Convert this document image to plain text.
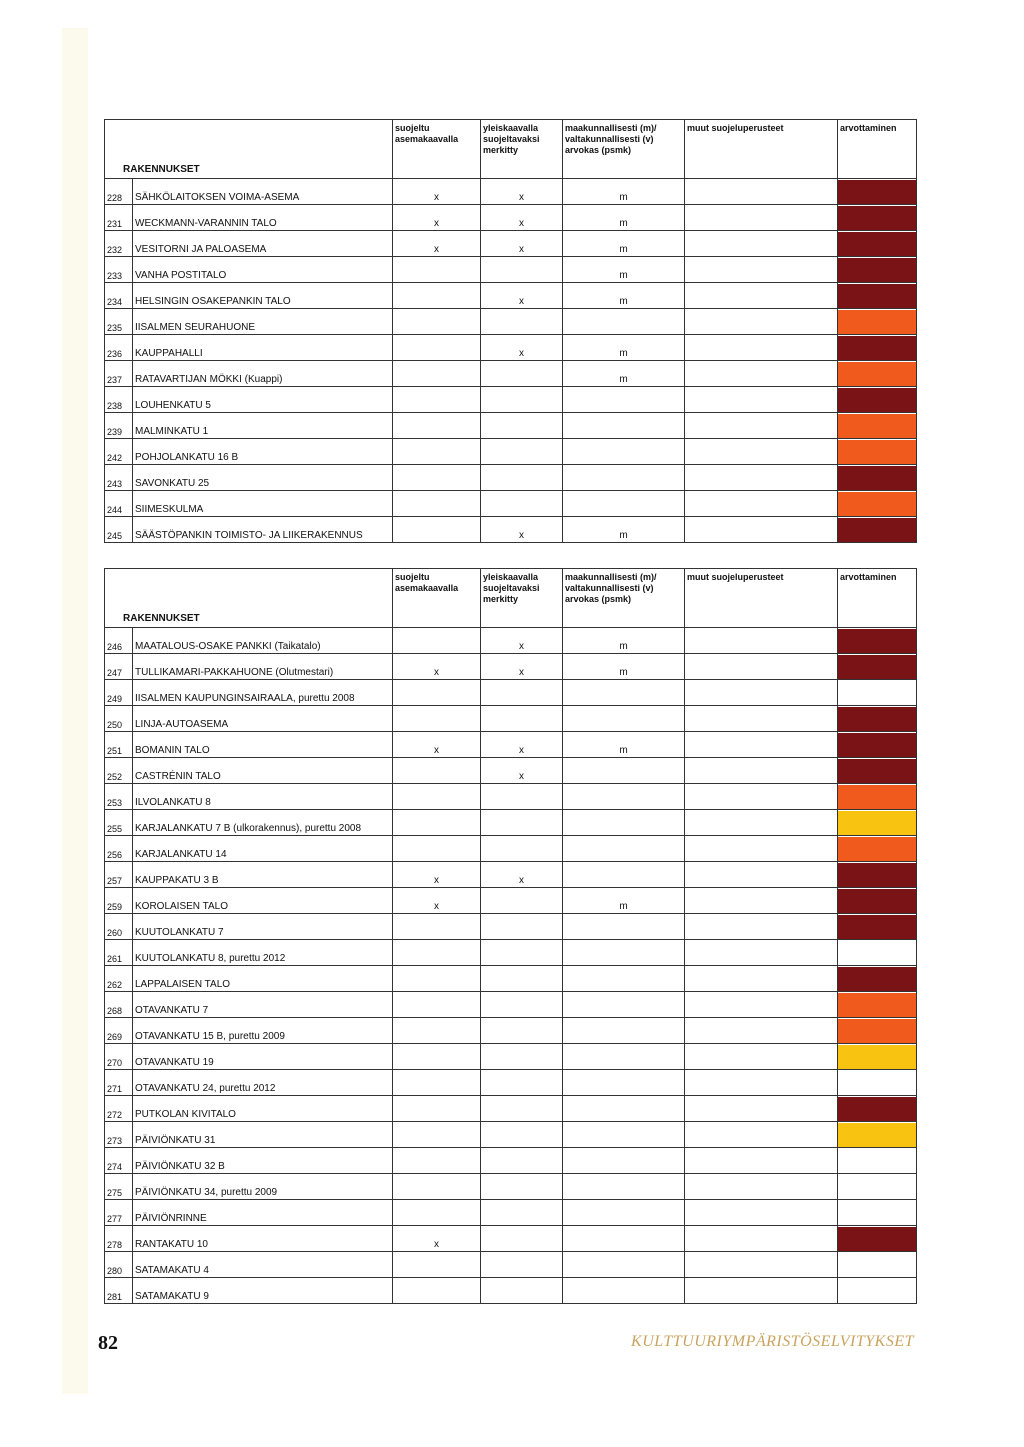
RAKENNUKSET		suojeltu asemakaavalla	yleiskaavalla suojeltavaksi merkitty	maakunnallisesti (m)/ valtakunnallisesti (v) arvokas (psmk)	muut suojeluperusteet	arvottaminen
228	SÄHKÖLAITOKSEN VOIMA-ASEMA	x	x	m		

231	WECKMANN-VARANNIN TALO	x	x	m		

232	VESITORNI JA PALOASEMA	x	x	m		

233	VANHA POSTITALO			m		

234	HELSINGIN OSAKEPANKIN TALO		x	m		

235	IISALMEN SEURAHUONE					

236	KAUPPAHALLI		x	m		

237	RATAVARTIJAN MÖKKI (Kuappi)			m		

238	LOUHENKATU 5					

239	MALMINKATU 1					

242	POHJOLANKATU 16 B					

243	SAVONKATU 25					

244	SIIMESKULMA					

245	SÄÄSTÖPANKIN TOIMISTO- JA LIIKERAKENNUS		x	m		
RAKENNUKSET		suojeltu asemakaavalla	yleiskaavalla suojeltavaksi merkitty	maakunnallisesti (m)/ valtakunnallisesti (v) arvokas (psmk)	muut suojeluperusteet	arvottaminen
246	MAATALOUS-OSAKE PANKKI (Taikatalo)		x	m		

247	TULLIKAMARI-PAKKAHUONE (Olutmestari)	x	x	m		

249	IISALMEN KAUPUNGINSAIRAALA, purettu 2008					

250	LINJA-AUTOASEMA					

251	BOMANIN TALO	x	x	m		

252	CASTRÉNIN TALO		x			

253	ILVOLANKATU 8					

255	KARJALANKATU 7 B (ulkorakennus), purettu 2008					

256	KARJALANKATU 14					

257	KAUPPAKATU 3 B	x	x			

259	KOROLAISEN TALO	x		m		

260	KUUTOLANKATU 7					

261	KUUTOLANKATU 8, purettu 2012					

262	LAPPALAISEN TALO					

268	OTAVANKATU 7					

269	OTAVANKATU 15 B, purettu 2009					

270	OTAVANKATU 19					

271	OTAVANKATU 24, purettu 2012					

272	PUTKOLAN KIVITALO					

273	PÄIVIÖNKATU 31					

274	PÄIVIÖNKATU 32 B					

275	PÄIVIÖNKATU 34, purettu 2009					

277	PÄIVIÖNRINNE					

278	RANTAKATU 10	x				

280	SATAMAKATU 4					

281	SATAMAKATU 9					
82	KULTTUURIYMPÄRISTÖSELVITYKSET
